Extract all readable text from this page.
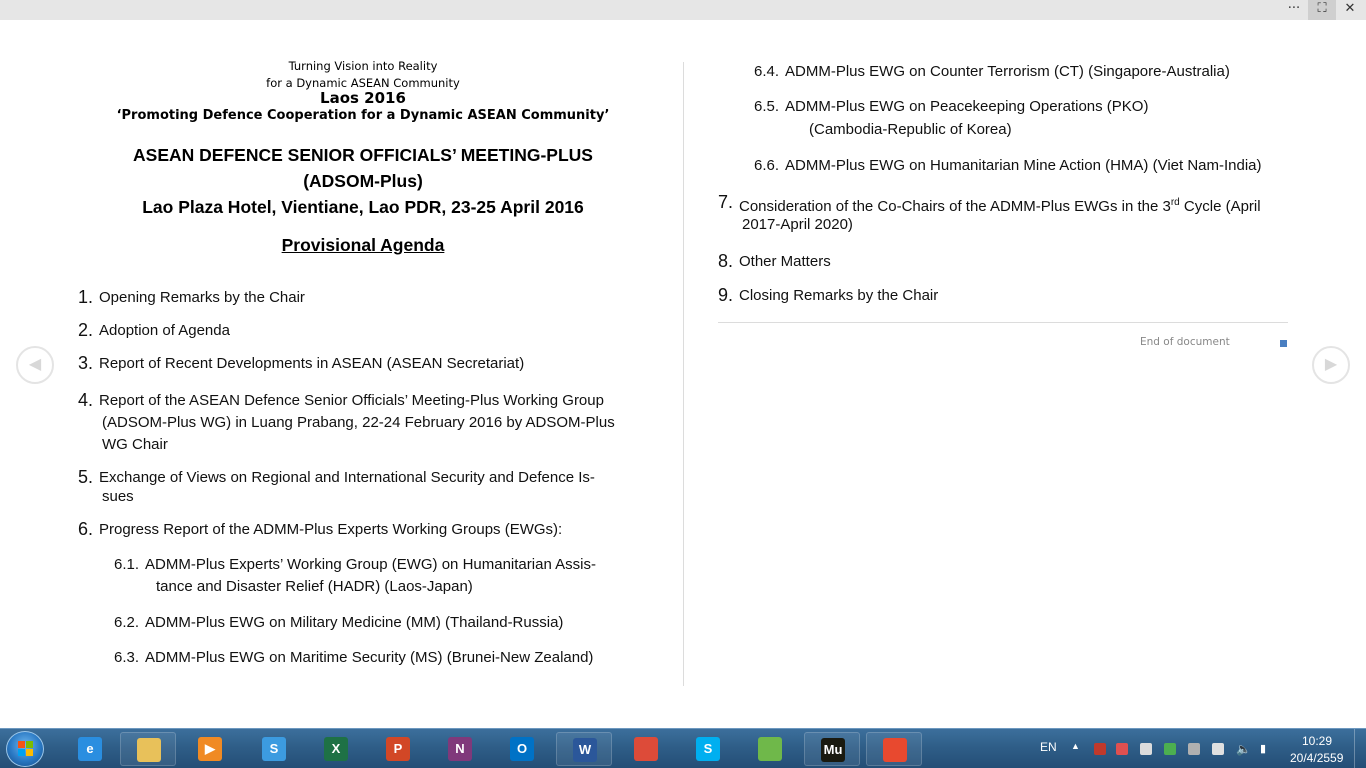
···	⛶	✕
◀	▶
Turning Vision into Reality
for a Dynamic ASEAN Community
Laos 2016
‘Promoting Defence Cooperation for a Dynamic ASEAN Community’
ASEAN DEFENCE SENIOR OFFICIALS’ MEETING-PLUS
(ADSOM-Plus)
Lao Plaza Hotel, Vientiane, Lao PDR, 23-25 April 2016
Provisional Agenda
1. Opening Remarks by the Chair
2. Adoption of Agenda
3. Report of Recent Developments in ASEAN (ASEAN Secretariat)
4. Report of the ASEAN Defence Senior Officials’ Meeting-Plus Working Group
(ADSOM-Plus WG) in Luang Prabang, 22-24 February 2016 by ADSOM-Plus
WG Chair
5. Exchange of Views on Regional and International Security and Defence Is-
sues
6. Progress Report of the ADMM-Plus Experts Working Groups (EWGs):
6.1. ADMM-Plus Experts’ Working Group (EWG) on Humanitarian Assis-
tance and Disaster Relief (HADR) (Laos-Japan)
6.2. ADMM-Plus EWG on Military Medicine (MM) (Thailand-Russia)
6.3. ADMM-Plus EWG on Maritime Security (MS) (Brunei-New Zealand)
6.4. ADMM-Plus EWG on Counter Terrorism (CT) (Singapore-Australia)
6.5. ADMM-Plus EWG on Peacekeeping Operations (PKO)
(Cambodia-Republic of Korea)
6.6. ADMM-Plus EWG on Humanitarian Mine Action (HMA) (Viet Nam-India)
7. Consideration of the Co-Chairs of the ADMM-Plus EWGs in the 3rd Cycle (April
2017-April 2020)
8. Other Matters
9. Closing Remarks by the Chair
End of document
e	▶	S	X	P	N	O	W	S	Mu	EN ▲	🔈 ▮
10:29
20/4/2559
